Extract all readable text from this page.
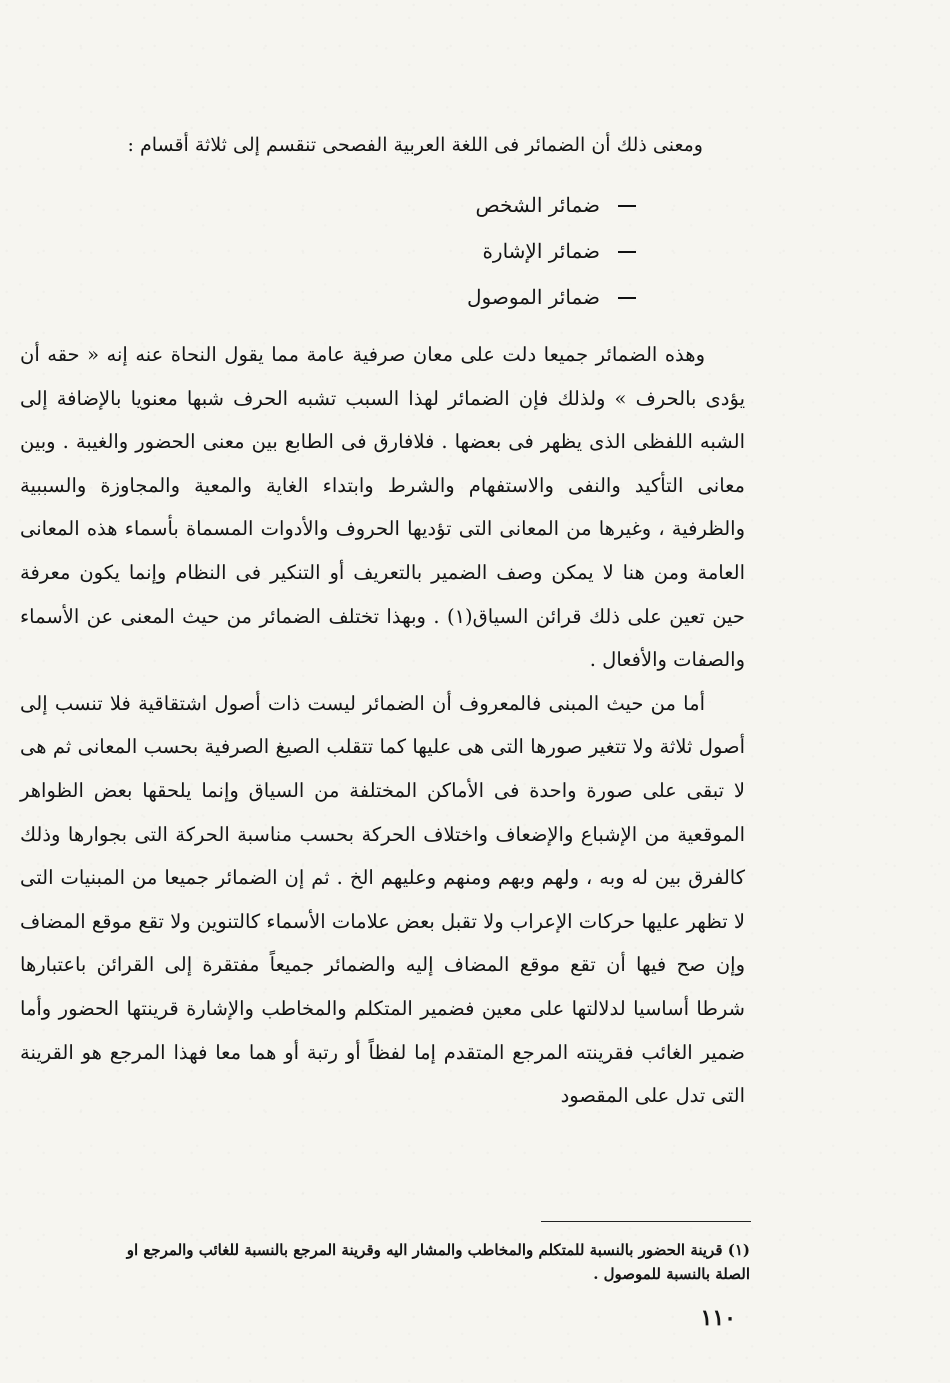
ومعنى ذلك أن الضمائر فى اللغة العربية الفصحى تنقسم إلى ثلاثة أقسام :
ضمائر الشخص
ضمائر الإشارة
ضمائر الموصول

وهذه الضمائر جميعا دلت على معان صرفية عامة مما يقول النحاة عنه إنه « حقه أن يؤدى بالحرف » ولذلك فإن الضمائر لهذا السبب تشبه الحرف شبها معنويا بالإضافة إلى الشبه اللفظى الذى يظهر فى بعضها . فلافارق فى الطابع بين معنى الحضور والغيبة . وبين معانى التأكيد والنفى والاستفهام والشرط وابتداء الغاية والمعية والمجاوزة والسببية والظرفية ، وغيرها من المعانى التى تؤديها الحروف والأدوات المسماة بأسماء هذه المعانى العامة ومن هنا لا يمكن وصف الضمير بالتعريف أو التنكير فى النظام وإنما يكون معرفة حين تعين على ذلك قرائن السياق(١) . وبهذا تختلف الضمائر من حيث المعنى عن الأسماء والصفات والأفعال .

أما من حيث المبنى فالمعروف أن الضمائر ليست ذات أصول اشتقاقية فلا تنسب إلى أصول ثلاثة ولا تتغير صورها التى هى عليها كما تتقلب الصيغ الصرفية بحسب المعانى ثم هى لا تبقى على صورة واحدة فى الأماكن المختلفة من السياق وإنما يلحقها بعض الظواهر الموقعية من الإشباع والإضعاف واختلاف الحركة بحسب مناسبة الحركة التى بجوارها وذلك كالفرق بين له وبه ، ولهم وبهم ومنهم وعليهم الخ . ثم إن الضمائر جميعا من المبنيات التى لا تظهر عليها حركات الإعراب ولا تقبل بعض علامات الأسماء كالتنوين ولا تقع موقع المضاف وإن صح فيها أن تقع موقع المضاف إليه والضمائر جميعاً مفتقرة إلى القرائن باعتبارها شرطا أساسيا لدلالتها على معين فضمير المتكلم والمخاطب والإشارة قرينتها الحضور وأما ضمير الغائب فقرينته المرجع المتقدم إما لفظاً أو رتبة أو هما معا فهذا المرجع هو القرينة التى تدل على المقصود

(١) قرينة الحضور بالنسبة للمتكلم والمخاطب والمشار اليه وقرينة المرجع بالنسبة للغائب والمرجع او الصلة بالنسبة للموصول .
١١٠
